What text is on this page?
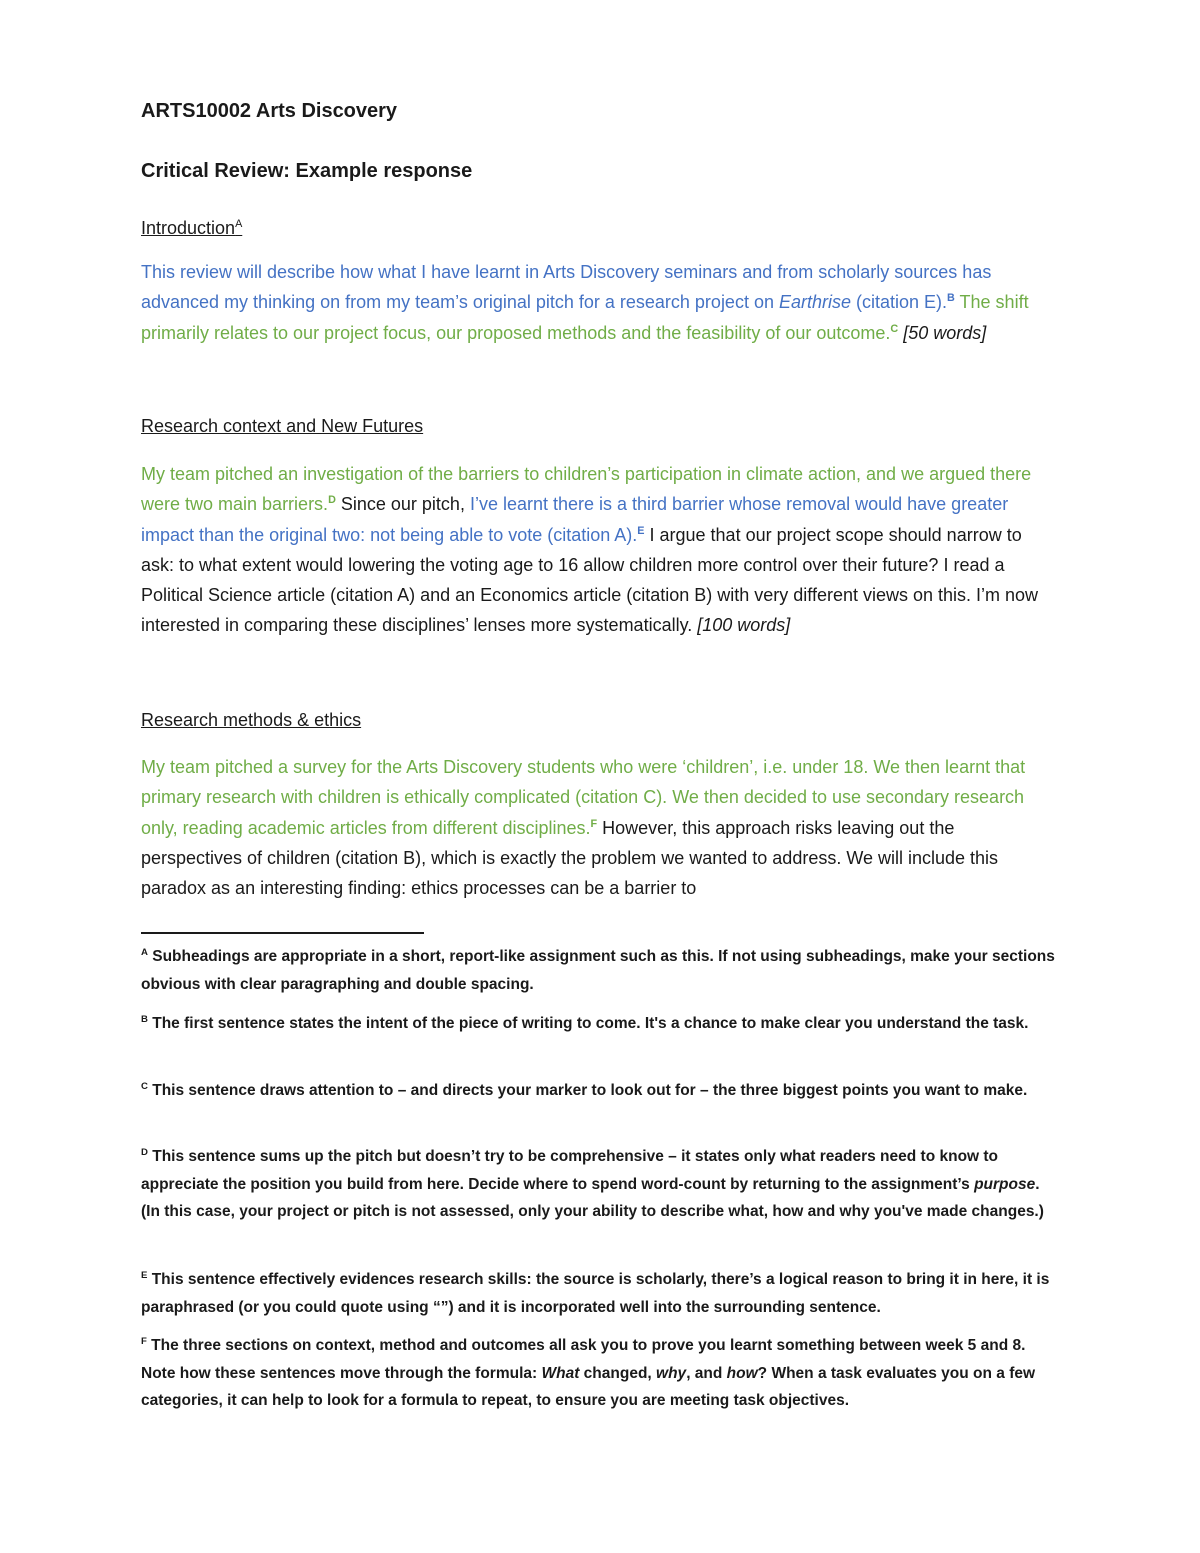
ARTS10002 Arts Discovery
Critical Review: Example response
Introduction$^A$
This review will describe how what I have learnt in Arts Discovery seminars and from scholarly sources has advanced my thinking on from my team’s original pitch for a research project on Earthrise (citation E).$^B$ The shift primarily relates to our project focus, our proposed methods and the feasibility of our outcome.$^C$ [50 words]
Research context and New Futures
My team pitched an investigation of the barriers to children’s participation in climate action, and we argued there were two main barriers.$^D$ Since our pitch, I’ve learnt there is a third barrier whose removal would have greater impact than the original two: not being able to vote (citation A).$^E$ I argue that our project scope should narrow to ask: to what extent would lowering the voting age to 16 allow children more control over their future? I read a Political Science article (citation A) and an Economics article (citation B) with very different views on this. I’m now interested in comparing these disciplines’ lenses more systematically. [100 words]
Research methods & ethics
My team pitched a survey for the Arts Discovery students who were ‘children’, i.e. under 18. We then learnt that primary research with children is ethically complicated (citation C). We then decided to use secondary research only, reading academic articles from different disciplines.$^F$ However, this approach risks leaving out the perspectives of children (citation B), which is exactly the problem we wanted to address. We will include this paradox as an interesting finding: ethics processes can be a barrier to
$^A$ Subheadings are appropriate in a short, report-like assignment such as this. If not using subheadings, make your sections obvious with clear paragraphing and double spacing.
$^B$ The first sentence states the intent of the piece of writing to come. It's a chance to make clear you understand the task.
$^C$ This sentence draws attention to – and directs your marker to look out for – the three biggest points you want to make.
$^D$ This sentence sums up the pitch but doesn’t try to be comprehensive – it states only what readers need to know to appreciate the position you build from here. Decide where to spend word-count by returning to the assignment’s purpose. (In this case, your project or pitch is not assessed, only your ability to describe what, how and why you've made changes.)
$^E$ This sentence effectively evidences research skills: the source is scholarly, there’s a logical reason to bring it in here, it is paraphrased (or you could quote using “”) and it is incorporated well into the surrounding sentence.
$^F$ The three sections on context, method and outcomes all ask you to prove you learnt something between week 5 and 8. Note how these sentences move through the formula: What changed, why, and how? When a task evaluates you on a few categories, it can help to look for a formula to repeat, to ensure you are meeting task objectives.
